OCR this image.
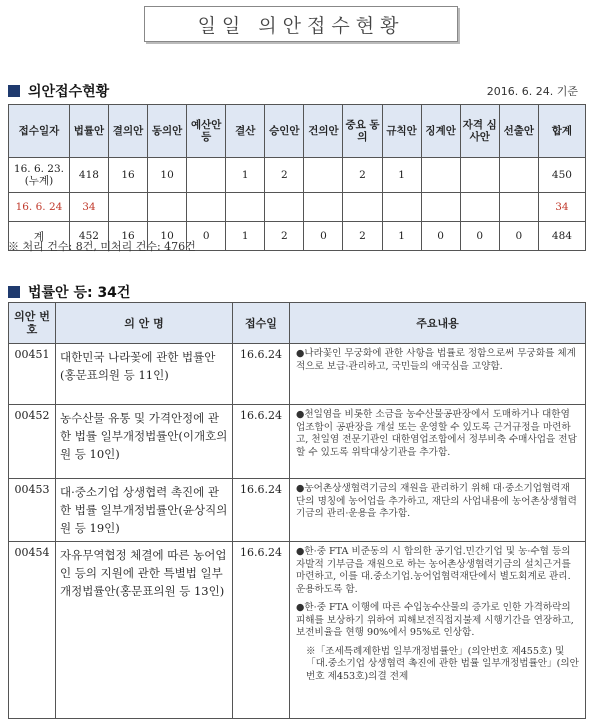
일일 의안접수현황
의안접수현황	2016. 6. 24. 기준
접수일자	법률안	결의안	동의안	예산안 등	결산	승인안	건의안	중요 동의	규칙안	징계안	자격 심사안	선출안	합계
16. 6. 23.
(누계)	418	16	10		1	2		2	1				450
16. 6. 24	34												34
계	452	16	10	0	1	2	0	2	1	0	0	0	484
※ 처리 건수: 8건, 미처리 건수: 476건
법률안 등: 34건
의안 번호	의 안 명	접수일	주요내용
00451	대한민국 나라꽃에 관한 법률안(홍문표의원 등 11인)	16.6.24	●나라꽃인 무궁화에 관한 사항을 법률로 정함으로써 무궁화를 체계적으로 보급·관리하고, 국민들의 애국심을 고양함.

00452	농수산물 유통 및 가격안정에 관한 법률 일부개정법률안(이개호의원 등 10인)	16.6.24	●천일염을 비롯한 소금을 농수산물공판장에서 도매하거나 대한염업조합이 공판장을 개설 또는 운영할 수 있도록 근거규정을 마련하고, 천일염 전문기관인 대한염업조합에서 정부비축 수매사업을 전담 할 수 있도록 위탁대상기관을 추가함.

00453	대·중소기업 상생협력 촉진에 관한 법률 일부개정법률안(윤상직의원 등 19인)	16.6.24	●농어촌상생협력기금의 재원을 관리하기 위해 대·중소기업협력재단의 명칭에 농어업을 추가하고, 재단의 사업내용에 농어촌상생협력기금의 관리·운용을 추가함.

00454	자유무역협정 체결에 따른 농어업인 등의 지원에 관한 특별법 일부개정법률안(홍문표의원 등 13인)	16.6.24	●한·중 FTA 비준동의 시 합의한 공기업.민간기업 및 농·수협 등의 자발적 기부금을 재원으로 하는 농어촌상생협력기금의 설치근거를 마련하고, 이를 대.중소기업.농어업협력재단에서 별도회계로 관리.운용하도록 함.

●한·중 FTA 이행에 따른 수입농수산물의 증가로 인한 가격하락의 피해를 보상하기 위하여 피해보전직접지불제 시행기간을 연장하고, 보전비율을 현행 90%에서 95%로 인상함.

※「조세특례제한법 일부개정법률안」(의안번호 제455호) 및 「대.중소기업 상생협력 촉진에 관한 법률 일부개정법률안」(의안번호 제453호)의결 전제
